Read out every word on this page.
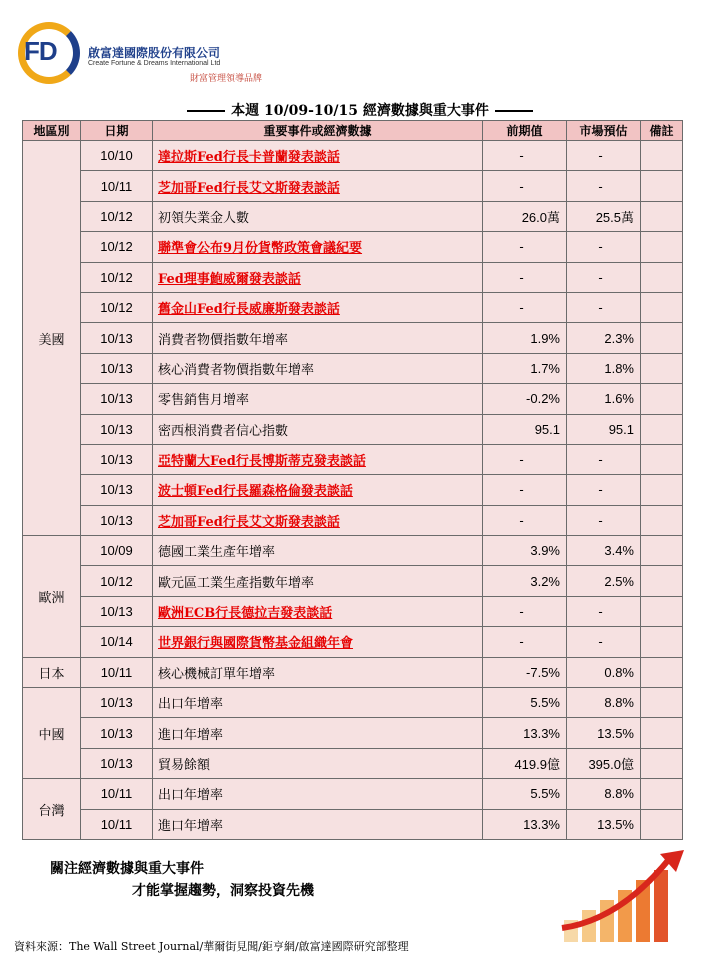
FD	啟富達國際股份有限公司
Create Fortune & Dreams International Ltd
財富管理領導品牌
本週 10/09-10/15 經濟數據與重大事件
地區別	日期	重要事件或經濟數據	前期值	市場預估	備註
美國	10/10	達拉斯Fed行長卡普蘭發表談話	-	-	
	10/11	芝加哥Fed行長艾文斯發表談話	-	-	
	10/12	初領失業金人數	26.0萬	25.5萬	
	10/12	聯準會公布9月份貨幣政策會議紀要	-	-	
	10/12	Fed理事鮑威爾發表談話	-	-	
	10/12	舊金山Fed行長威廉斯發表談話	-	-	
	10/13	消費者物價指數年增率	1.9%	2.3%	
	10/13	核心消費者物價指數年增率	1.7%	1.8%	
	10/13	零售銷售月增率	-0.2%	1.6%	
	10/13	密西根消費者信心指數	95.1	95.1	
	10/13	亞特蘭大Fed行長博斯蒂克發表談話	-	-	
	10/13	波士頓Fed行長羅森格倫發表談話	-	-	
	10/13	芝加哥Fed行長艾文斯發表談話	-	-	
歐洲	10/09	德國工業生產年增率	3.9%	3.4%	
	10/12	歐元區工業生產指數年增率	3.2%	2.5%	
	10/13	歐洲ECB行長德拉吉發表談話	-	-	
	10/14	世界銀行與國際貨幣基金組織年會	-	-	
日本	10/11	核心機械訂單年增率	-7.5%	0.8%	
中國	10/13	出口年增率	5.5%	8.8%	
	10/13	進口年增率	13.3%	13.5%	
	10/13	貿易餘額	419.9億	395.0億	
台灣	10/11	出口年增率	5.5%	8.8%	
	10/11	進口年增率	13.3%	13.5%	
關注經濟數據與重大事件
才能掌握趨勢，洞察投資先機
資料來源：The Wall Street Journal/華爾街見聞/鉅亨網/啟富達國際研究部整理
